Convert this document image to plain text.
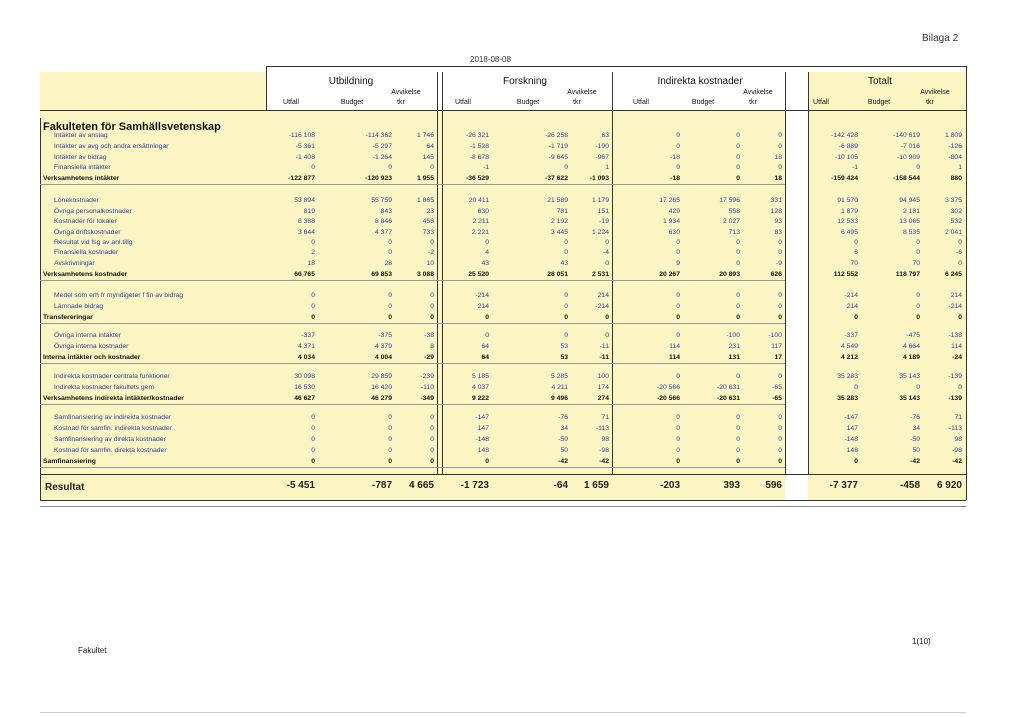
Bilaga 2
2018-08-08
Utbildning
Utfall	Budget
Avvikelse
tkr
Forskning
Utfall	Budget
Avvikelse
tkr
Indirekta kostnader
Utfall	Budget
Avvikelse
tkr
Totalt
Utfall	Budget
Avvikelse
tkr
Fakulteten för Samhällsvetenskap
Intäkter av anslag	-116 108	-114 362	1 746	-26 321	-26 258	63	0	0	0	-142 428	-140 619	1 809
Intäkter av avg och andra ersättningar	-5 361	-5 297	64	-1 528	-1 719	-190	0	0	0	-6 889	-7 016	-126
Intäkter av bidrag	-1 408	-1 264	145	-8 678	-9 645	-967	-18	0	18	-10 105	-10 909	-804
Finansiella intäkter	0	0	0	-1	0	1	0	0	0	-1	0	1
Verksamhetens intäkter	-122 877	-120 923	1 955	-36 529	-37 622	-1 093	-18	0	18	-159 424	-158 544	880
Lönekostnader	53 894	55 759	1 865	20 411	21 589	1 179	17 265	17 596	331	91 570	94 945	3 375
Övriga personalkostnader	819	843	23	630	781	151	429	558	128	1 879	2 181	302
Kostnader för lokaler	8 388	8 846	458	2 211	2 192	-19	1 934	2 027	93	12 533	13 065	532
Övriga driftskostnader	3 644	4 377	733	2 221	3 445	1 224	630	713	83	6 495	8 535	2 041
Resultat vid fsg av anl.tillg	0	0	0	0	0	0	0	0	0	0	0	0
Finansiella kostnader	2	0	-2	4	0	-4	0	0	0	6	0	-6
Avskrivningar	18	28	10	43	43	0	9	0	-9	70	70	0
Verksamhetens kostnader	66 765	69 853	3 088	25 520	28 051	2 531	20 267	20 893	626	112 552	118 797	6 245
Medel som erh fr myndigeter f fin av bidrag	0	0	0	-214	0	214	0	0	0	-214	0	214
Lämnade bidrag	0	0	0	214	0	-214	0	0	0	214	0	-214
Transfereringar	0	0	0	0	0	0	0	0	0	0	0	0
Övriga interna intäkter	-337	-375	-38	0	0	0	0	-100	-100	-337	-475	-138
Övriga interna kostnader	4 371	4 379	8	64	53	-11	114	231	117	4 549	4 664	114
Interna intäkter och kostnader	4 034	4 004	-29	64	53	-11	114	131	17	4 212	4 189	-24
Indirekta kostnader centrala funktioner	30 098	29 859	-239	5 185	5 285	100	0	0	0	35 283	35 143	-139
Indirekta kostnader fakultets gem	16 530	16 420	-110	4 037	4 211	174	-20 566	-20 631	-65	0	0	0
Verksamhetens indirekta intäkter/kostnader	46 627	46 279	-349	9 222	9 496	274	-20 566	-20 631	-65	35 283	35 143	-139
Samfinansiering av indirekta kostnader	0	0	0	-147	-76	71	0	0	0	-147	-76	71
Kostnad för samfin. indirekta kostnader	0	0	0	147	34	-113	0	0	0	147	34	-113
Samfinansiering av direkta kostnader	0	0	0	-148	-50	98	0	0	0	-148	-50	98
Kostnad för samfin. direkta kostnader	0	0	0	148	50	-98	0	0	0	148	50	-98
Samfinansiering	0	0	0	0	-42	-42	0	0	0	0	-42	-42
Resultat	-5 451	-787	4 665	-1 723	-64	1 659	-203	393	596	-7 377	-458	6 920
Fakultet
1(10)
